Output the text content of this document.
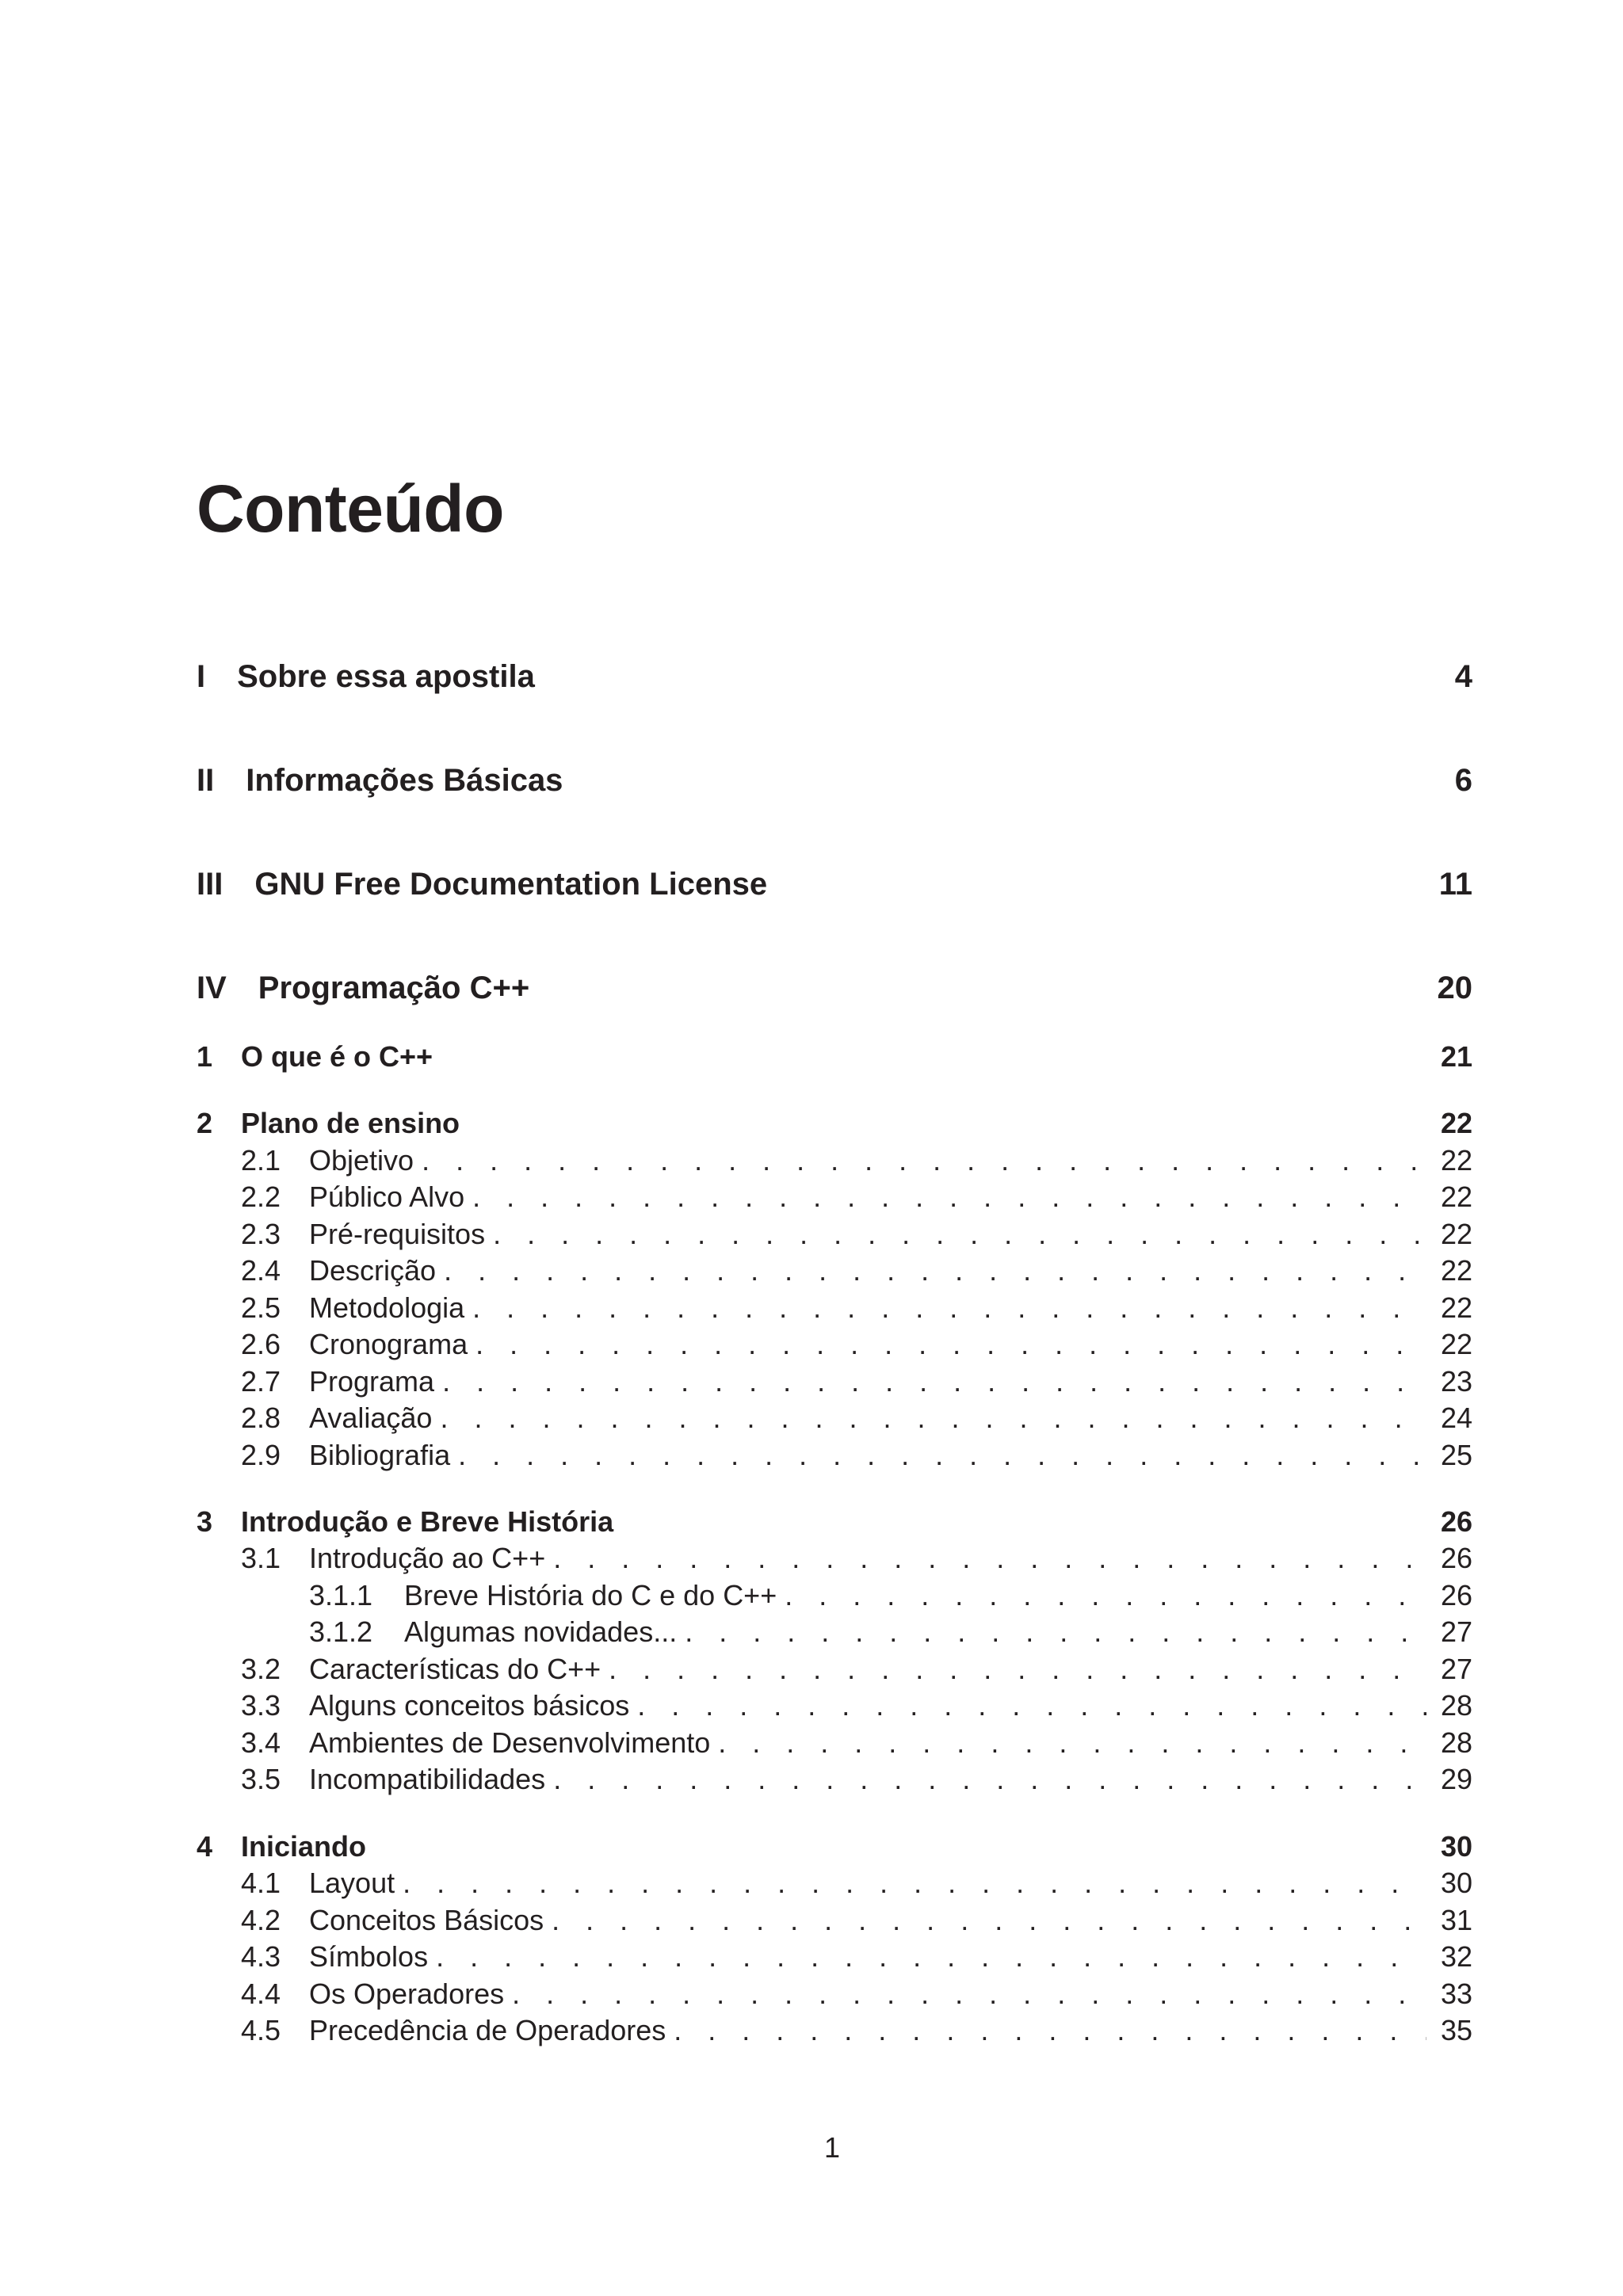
Conteúdo
I Sobre essa apostila	4
II Informações Básicas	6
III GNU Free Documentation License	11
IV Programação C++	20
1 O que é o C++	21
2 Plano de ensino	22
2.1 Objetivo . . .	22
2.2 Público Alvo . . .	22
2.3 Pré-requisitos . . .	22
2.4 Descrição . . .	22
2.5 Metodologia . . .	22
2.6 Cronograma . . .	22
2.7 Programa . . .	23
2.8 Avaliação . . .	24
2.9 Bibliografia . . .	25
3 Introdução e Breve História	26
3.1 Introdução ao C++ . . .	26
3.1.1	Breve História do C e do C++ . . .	26
3.1.2	Algumas novidades... . . .	27
3.2 Características do C++ . . .	27
3.3 Alguns conceitos básicos . . .	28
3.4 Ambientes de Desenvolvimento . . .	28
3.5 Incompatibilidades . . .	29
4 Iniciando	30
4.1 Layout . . .	30
4.2 Conceitos Básicos . . .	31
4.3 Símbolos . . .	32
4.4 Os Operadores . . .	33
4.5 Precedência de Operadores . . .	35
1
